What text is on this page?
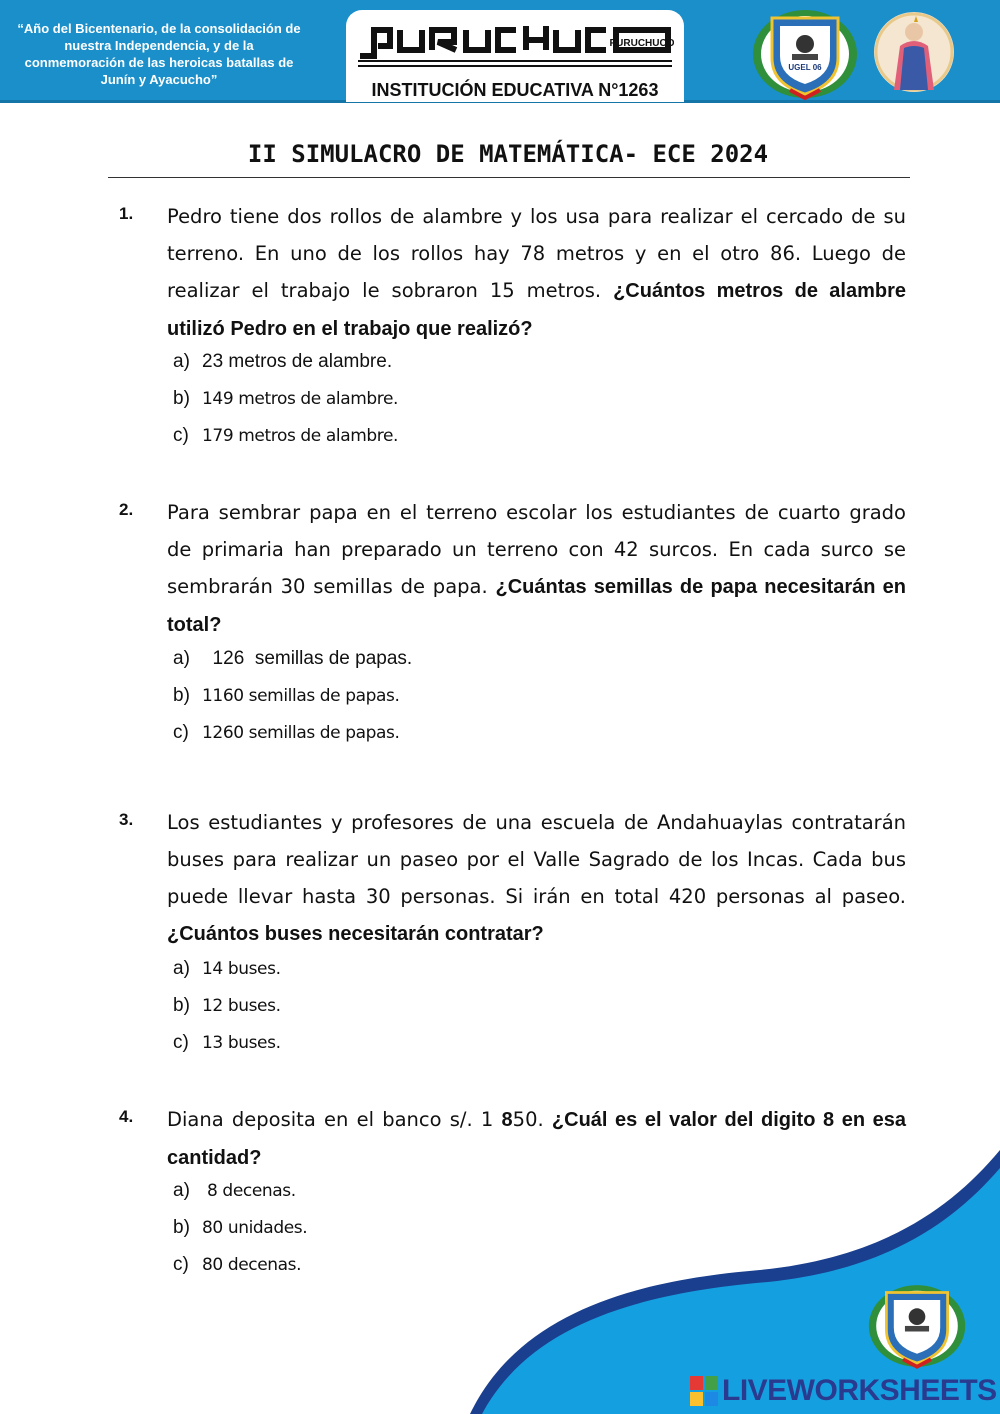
“Año del Bicentenario, de la consolidación de nuestra Independencia, y de la conmemoración de las heroicas batallas de Junín y Ayacucho”
PURUCHUCO
INSTITUCIÓN EDUCATIVA N°1263
UGEL 06
II SIMULACRO DE MATEMÁTICA- ECE 2024
1. Pedro tiene dos rollos de alambre y los usa para realizar el cercado de su terreno. En uno de los rollos hay 78 metros y en el otro 86. Luego de realizar el trabajo le sobraron 15 metros. ¿Cuántos metros de alambre utilizó Pedro en el trabajo que realizó?
a) 23 metros de alambre.
b) 149 metros de alambre.
c) 179 metros de alambre.
2. Para sembrar papa en el terreno escolar los estudiantes de cuarto grado de primaria han preparado un terreno con 42 surcos. En cada surco se sembrarán 30 semillas de papa. ¿Cuántas semillas de papa necesitarán en total?
a)  126  semillas de papas.
b) 1160 semillas de papas.
c) 1260 semillas de papas.
3. Los estudiantes y profesores de una escuela de Andahuaylas contratarán buses para realizar un paseo por el Valle Sagrado de los Incas. Cada bus puede llevar hasta 30 personas. Si irán en total 420 personas al paseo. ¿Cuántos buses necesitarán contratar?
a) 14 buses.
b) 12 buses.
c) 13 buses.
4. Diana deposita en el banco s/. 1 850. ¿Cuál es el valor del digito 8 en esa cantidad?
a) 8 decenas.
b) 80 unidades.
c) 80 decenas.
LIVEWORKSHEETS
